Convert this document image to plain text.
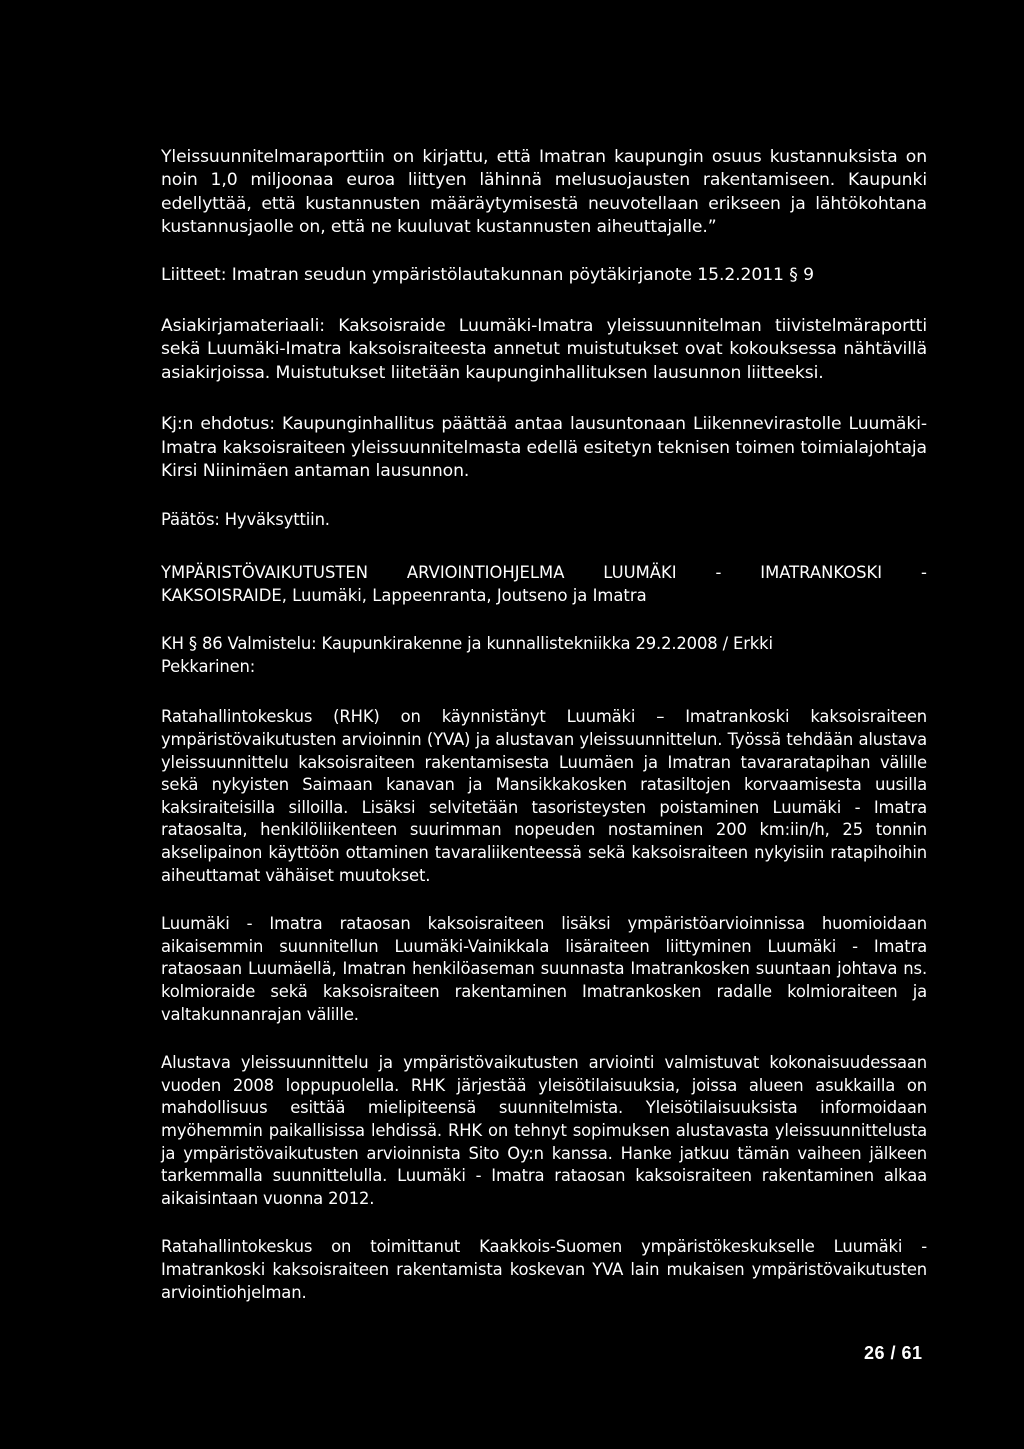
Yleissuunnitelmaraporttiin on kirjattu, että Imatran kaupungin osuus kustannuksista on noin 1,0 miljoonaa euroa liittyen lähinnä melusuojausten rakentamiseen. Kaupunki edellyttää, että kustannusten määräytymisestä neuvotellaan erikseen ja lähtökohtana kustannusjaolle on, että ne kuuluvat kustannusten aiheuttajalle.”

Liitteet: Imatran seudun ympäristölautakunnan pöytäkirjanote 15.2.2011 § 9

Asiakirjamateriaali: Kaksoisraide Luumäki-Imatra yleissuunnitelman tiivistelmäraportti sekä Luumäki-Imatra kaksoisraiteesta annetut muistutukset ovat kokouksessa nähtävillä asiakirjoissa. Muistutukset liitetään kaupunginhallituksen lausunnon liitteeksi.

Kj:n ehdotus: Kaupunginhallitus päättää antaa lausuntonaan Liikennevirastolle Luumäki-Imatra kaksoisraiteen yleissuunnitelmasta edellä esitetyn teknisen toimen toimialajohtaja Kirsi Niinimäen antaman lausunnon.

Päätös: Hyväksyttiin.

YMPÄRISTÖVAIKUTUSTEN ARVIOINTIOHJELMA LUUMÄKI - IMATRANKOSKI -

KAKSOISRAIDE, Luumäki, Lappeenranta, Joutseno ja Imatra

KH § 86 Valmistelu: Kaupunkirakenne ja kunnallistekniikka 29.2.2008 / Erkki Pekkarinen:

Ratahallintokeskus (RHK) on käynnistänyt Luumäki – Imatrankoski kaksoisraiteen ympäristövaikutusten arvioinnin (YVA) ja alustavan yleissuunnittelun. Työssä tehdään alustava yleissuunnittelu kaksoisraiteen rakentamisesta Luumäen ja Imatran tavararatapihan välille sekä nykyisten Saimaan kanavan ja Mansikkakosken ratasiltojen korvaamisesta uusilla kaksiraiteisilla silloilla. Lisäksi selvitetään tasoristeysten poistaminen Luumäki - Imatra rataosalta, henkilöliikenteen suurimman nopeuden nostaminen 200 km:iin/h, 25 tonnin akselipainon käyttöön ottaminen tavaraliikenteessä sekä kaksoisraiteen nykyisiin ratapihoihin aiheuttamat vähäiset muutokset.

Luumäki - Imatra rataosan kaksoisraiteen lisäksi ympäristöarvioinnissa huomioidaan aikaisemmin suunnitellun Luumäki-Vainikkala lisäraiteen liittyminen Luumäki - Imatra rataosaan Luumäellä, Imatran henkilöaseman suunnasta Imatrankosken suuntaan johtava ns. kolmioraide sekä kaksoisraiteen rakentaminen Imatrankosken radalle kolmioraiteen ja valtakunnanrajan välille.

Alustava yleissuunnittelu ja ympäristövaikutusten arviointi valmistuvat kokonaisuudessaan vuoden 2008 loppupuolella. RHK järjestää yleisötilaisuuksia, joissa alueen asukkailla on mahdollisuus esittää mielipiteensä suunnitelmista. Yleisötilaisuuksista informoidaan myöhemmin paikallisissa lehdissä. RHK on tehnyt sopimuksen alustavasta yleissuunnittelusta ja ympäristövaikutusten arvioinnista Sito Oy:n kanssa. Hanke jatkuu tämän vaiheen jälkeen tarkemmalla suunnittelulla. Luumäki - Imatra rataosan kaksoisraiteen rakentaminen alkaa aikaisintaan vuonna 2012.

Ratahallintokeskus on toimittanut Kaakkois-Suomen ympäristökeskukselle Luumäki - Imatrankoski kaksoisraiteen rakentamista koskevan YVA lain mukaisen ympäristövaikutusten arviointiohjelman.

26 / 61
